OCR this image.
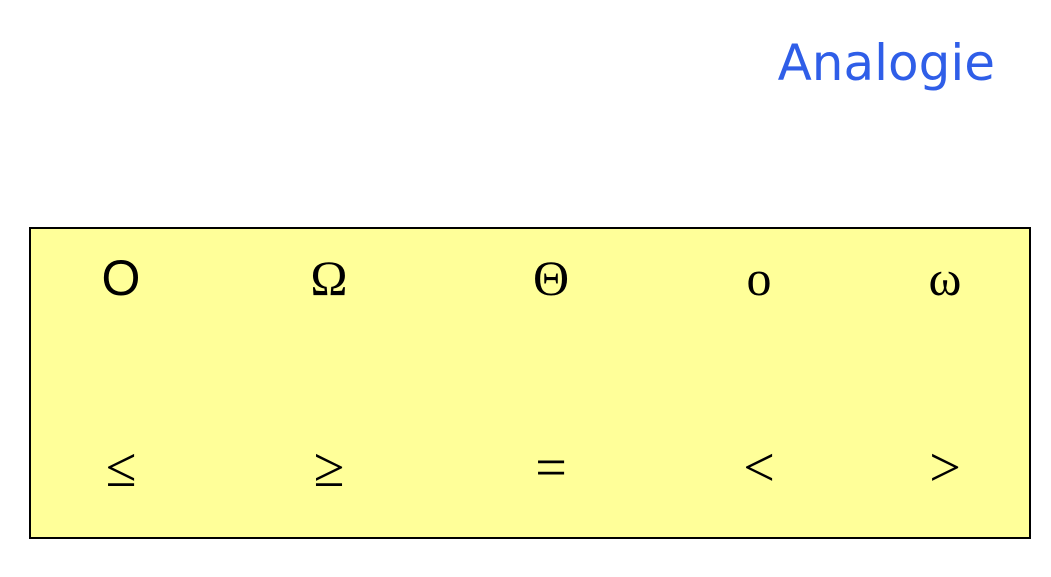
Analogie
O	Ω	Θ	o	ω
≤	≥	=	<	>
